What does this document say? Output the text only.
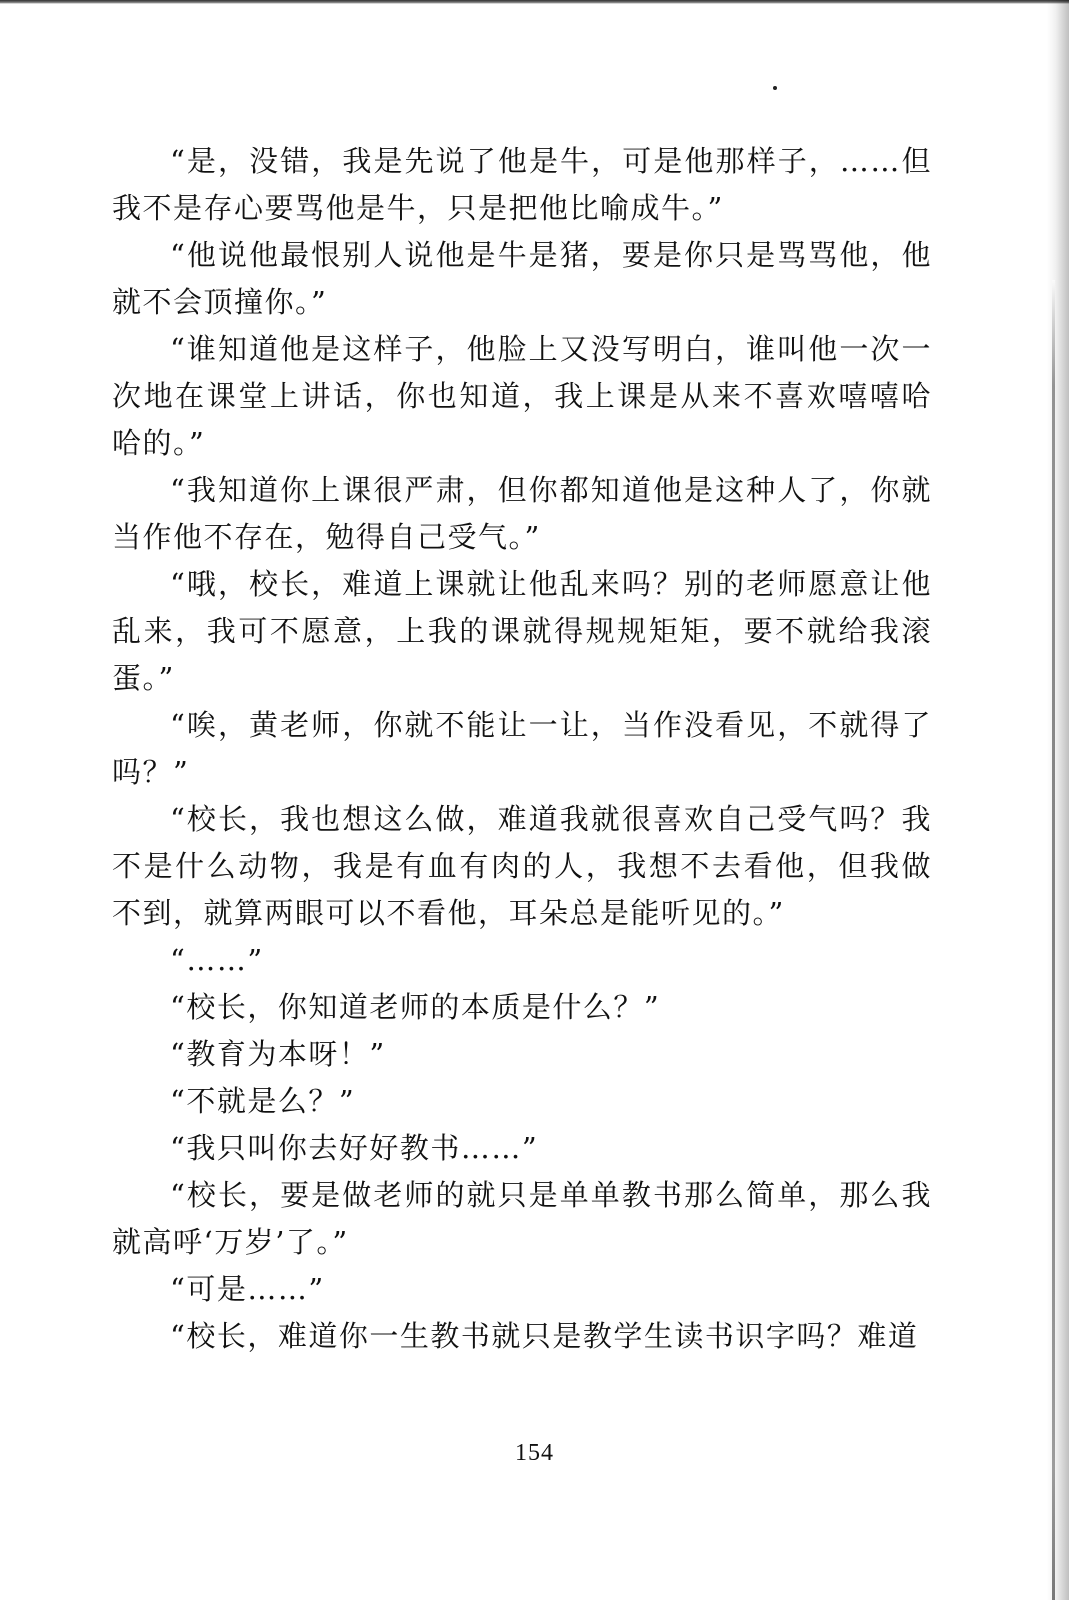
“是，没错，我是先说了他是牛，可是他那样子，……但我不是存心要骂他是牛，只是把他比喻成牛。”

“他说他最恨别人说他是牛是猪，要是你只是骂骂他，他就不会顶撞你。”

“谁知道他是这样子，他脸上又没写明白，谁叫他一次一次地在课堂上讲话，你也知道，我上课是从来不喜欢嘻嘻哈哈的。”

“我知道你上课很严肃，但你都知道他是这种人了，你就当作他不存在，勉得自己受气。”

“哦，校长，难道上课就让他乱来吗？别的老师愿意让他乱来，我可不愿意，上我的课就得规规矩矩，要不就给我滚蛋。”

“唉，黄老师，你就不能让一让，当作没看见，不就得了吗？”

“校长，我也想这么做，难道我就很喜欢自己受气吗？我不是什么动物，我是有血有肉的人，我想不去看他，但我做不到，就算两眼可以不看他，耳朵总是能听见的。”

“……”

“校长，你知道老师的本质是什么？”

“教育为本呀！”

“不就是么？”

“我只叫你去好好教书……”

“校长，要是做老师的就只是单单教书那么简单，那么我就高呼‘万岁’了。”

“可是……”

“校长，难道你一生教书就只是教学生读书识字吗？难道

154
